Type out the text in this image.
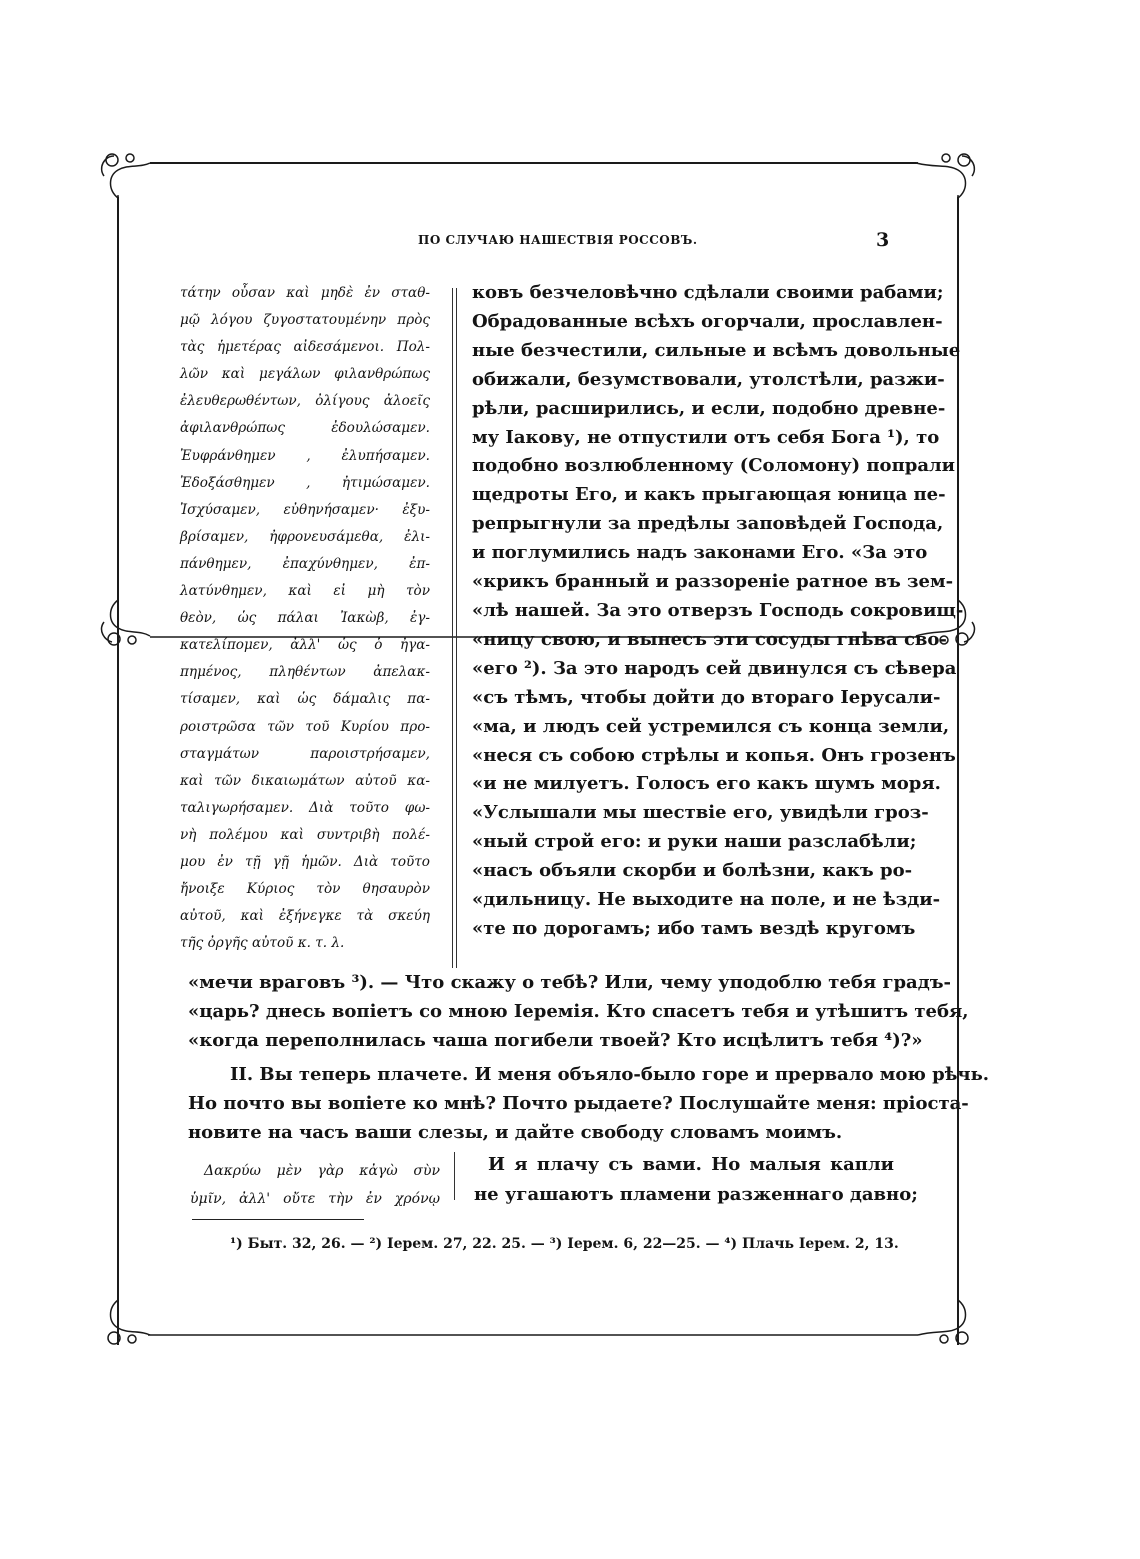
ПО СЛУЧАЮ НАШЕСТВІЯ РОССОВЪ.	3
τάτην οὖσαν καὶ μηδὲ ἐν σταθ-
μῷ λόγου ζυγοστατουμένην πρὸς
τὰς ἡμετέρας αἰδεσάμενοι. Πολ-
λῶν καὶ μεγάλων φιλανθρώπως
ἐλευθερωθέντων, ὀλίγους ἀλοεῖς
ἀφιλανθρώπως ἐδουλώσαμεν.
Ἐυφράνθημεν , ἐλυπήσαμεν.
Ἐδοξάσθημεν , ἠτιμώσαμεν.
Ἰσχύσαμεν, εὐθηνήσαμεν· ἐξυ-
βρίσαμεν, ἠφρονευσάμεθα, ἐλι-
πάνθημεν, ἐπαχύνθημεν, ἐπ-
λατύνθημεν, καὶ εἰ μὴ τὸν
θεὸν, ὡς πάλαι Ἰακὼβ, ἐγ-
κατελίπομεν, ἀλλ' ὡς ὁ ἠγα-
πημένος, πληθέντων ἀπελακ-
τίσαμεν, καὶ ὡς δάμαλις πα-
ροιστρῶσα τῶν τοῦ Κυρίου προ-
σταγμάτων παροιστρήσαμεν,
καὶ τῶν δικαιωμάτων αὐτοῦ κα-
ταλιγωρήσαμεν. Διὰ τοῦτο φω-
νὴ πολέμου καὶ συντριβὴ πολέ-
μου ἐν τῇ γῇ ἡμῶν. Διὰ τοῦτο
ἤνοιξε Κύριος τὸν θησαυρὸν
αὐτοῦ, καὶ ἐξήνεγκε τὰ σκεύη
τῆς ὀργῆς αὐτοῦ κ. τ. λ.
ковъ безчеловѣчно сдѣлали своими рабами;
Обрадованные всѣхъ огорчали, прославлен-
ные безчестили, сильные и всѣмъ довольные
обижали, безумствовали, утолстѣли, разжи-
рѣли, расширились, и если, подобно древне-
му Іакову, не отпустили отъ себя Бога ¹), то
подобно возлюбленному (Соломону) попрали
щедроты Его, и какъ прыгающая юница пе-
репрыгнули за предѣлы заповѣдей Господа,
и поглумились надъ законами Его. «За это
«крикъ бранный и раззореніе ратное въ зем-
«лѣ нашей. За это отверзъ Господь сокровищ-
«ницу свою, и вынесъ эти сосуды гнѣва сво-
«его ²). За это народъ сей двинулся съ сѣвера
«съ тѣмъ, чтобы дойти до втораго Іерусали-
«ма, и людъ сей устремился съ конца земли,
«неся съ собою стрѣлы и копья. Онъ грозенъ
«и не милуетъ. Голосъ его какъ шумъ моря.
«Услышали мы шествіе его, увидѣли гроз-
«ный строй его: и руки наши разслабѣли;
«насъ объяли скорби и болѣзни, какъ ро-
«дильницу. Не выходите на поле, и не ѣзди-
«те по дорогамъ; ибо тамъ вездѣ кругомъ
«мечи враговъ ³). — Что скажу о тебѣ? Или, чему уподоблю тебя градъ-
«царь? днесь вопіетъ со мною Іеремія. Кто спасетъ тебя и утѣшитъ тебя,
«когда переполнилась чаша погибели твоей? Кто исцѣлитъ тебя ⁴)?»
II. Вы теперь плачете. И меня объяло-было горе и прервало мою рѣчь.
Но почто вы вопіете ко мнѣ? Почто рыдаете? Послушайте меня: пріоста-
новите на часъ ваши слезы, и дайте свободу словамъ моимъ.
Δακρύω μὲν γὰρ κἀγὼ σὺν
ὑμῖν, ἀλλ' οὔτε τὴν ἐν χρόνῳ
И я плачу съ вами. Но малыя капли
не угашаютъ пламени разженнаго давно;
¹) Быт. 32, 26. — ²) Iерем. 27, 22. 25. — ³) Iерем. 6, 22—25. — ⁴) Плачь Iерем. 2, 13.
